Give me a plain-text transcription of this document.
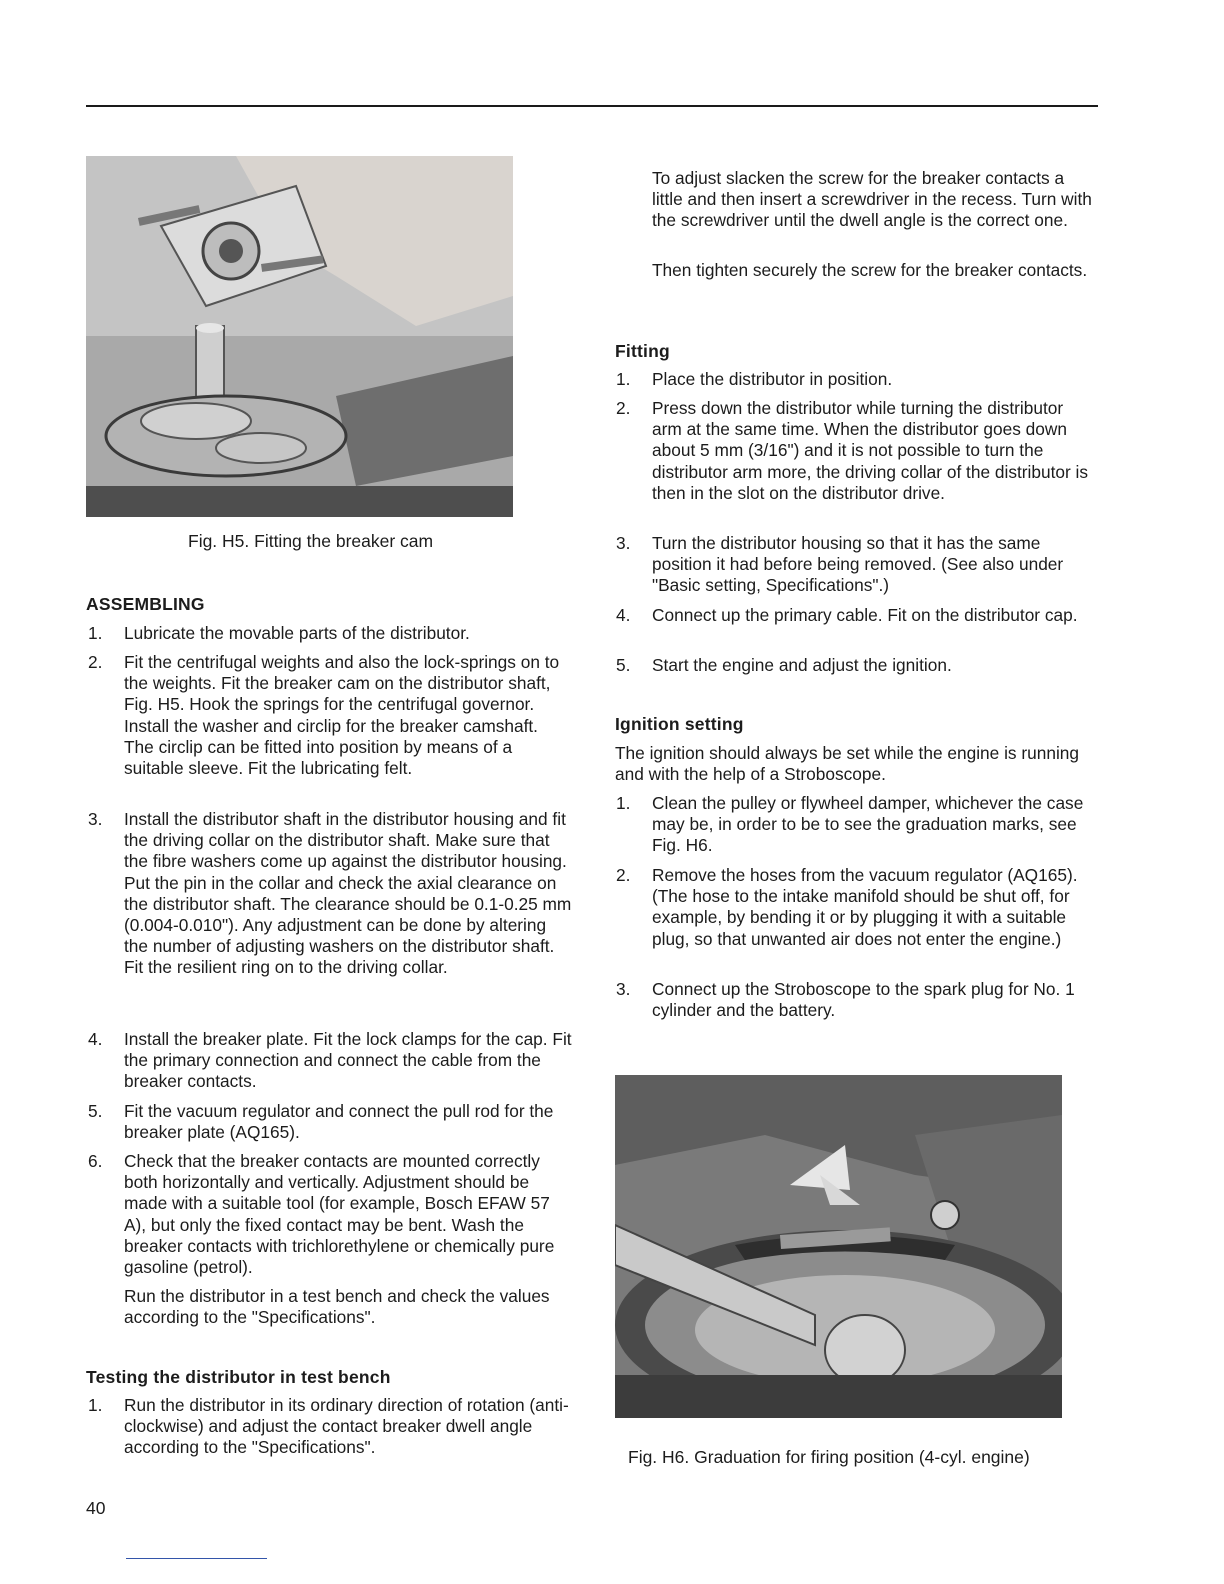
Fig. H5. Fitting the breaker cam
ASSEMBLING
1. Lubricate the movable parts of the distributor.
2. Fit the centrifugal weights and also the lock-springs on to the weights. Fit the breaker cam on the distributor shaft, Fig. H5. Hook the springs for the centrifugal governor. Install the washer and circlip for the breaker camshaft. The circlip can be fitted into position by means of a suitable sleeve. Fit the lubricating felt.
3. Install the distributor shaft in the distributor housing and fit the driving collar on the distributor shaft. Make sure that the fibre washers come up against the distributor housing. Put the pin in the collar and check the axial clearance on the distributor shaft. The clearance should be 0.1-0.25 mm (0.004-0.010"). Any adjustment can be done by altering the number of adjusting washers on the distributor shaft. Fit the resilient ring on to the driving collar.
4. Install the breaker plate. Fit the lock clamps for the cap. Fit the primary connection and connect the cable from the breaker contacts.
5. Fit the vacuum regulator and connect the pull rod for the breaker plate (AQ165).
6. Check that the breaker contacts are mounted correctly both horizontally and vertically. Adjustment should be made with a suitable tool (for example, Bosch EFAW 57 A), but only the fixed contact may be bent. Wash the breaker contacts with trichlorethylene or chemically pure gasoline (petrol).
Run the distributor in a test bench and check the values according to the "Specifications".
Testing the distributor in test bench
1. Run the distributor in its ordinary direction of rotation (anti-clockwise) and adjust the contact breaker dwell angle according to the "Specifications".
To adjust slacken the screw for the breaker contacts a little and then insert a screwdriver in the recess. Turn with the screwdriver until the dwell angle is the correct one.
Then tighten securely the screw for the breaker contacts.
Fitting
1. Place the distributor in position.
2. Press down the distributor while turning the distributor arm at the same time. When the distributor goes down about 5 mm (3/16") and it is not possible to turn the distributor arm more, the driving collar of the distributor is then in the slot on the distributor drive.
3. Turn the distributor housing so that it has the same position it had before being removed. (See also under "Basic setting, Specifications".)
4. Connect up the primary cable. Fit on the distributor cap.
5. Start the engine and adjust the ignition.
Ignition setting
The ignition should always be set while the engine is running and with the help of a Stroboscope.
1. Clean the pulley or flywheel damper, whichever the case may be, in order to be to see the graduation marks, see Fig. H6.
2. Remove the hoses from the vacuum regulator (AQ165). (The hose to the intake manifold should be shut off, for example, by bending it or by plugging it with a suitable plug, so that unwanted air does not enter the engine.)
3. Connect up the Stroboscope to the spark plug for No. 1 cylinder and the battery.
Fig. H6. Graduation for firing position (4-cyl. engine)
40
